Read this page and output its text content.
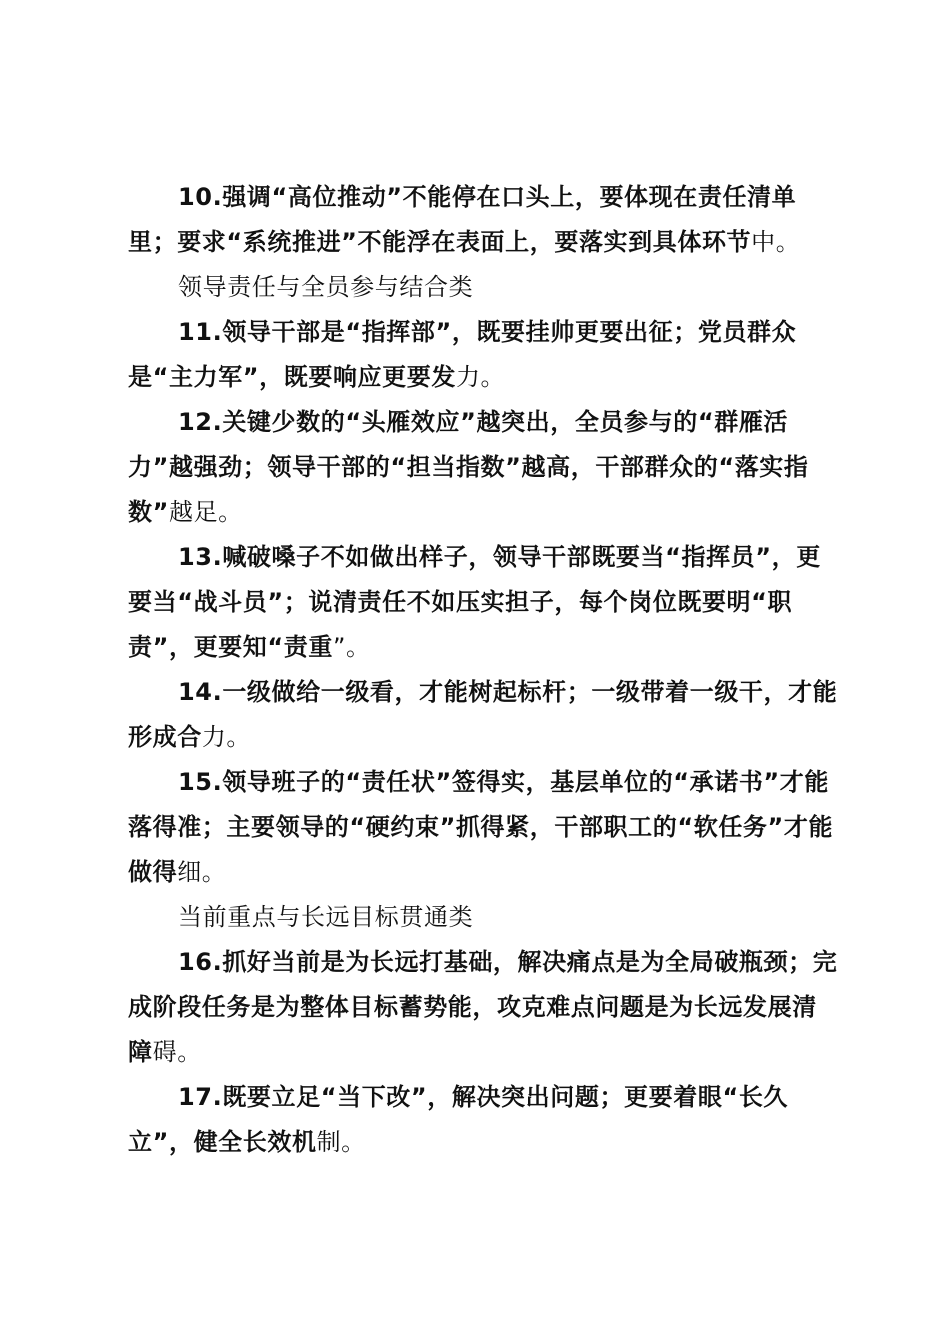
10.强调“高位推动”不能停在口头上，要体现在责任清单里；要求“系统推进”不能浮在表面上，要落实到具体环节中。

领导责任与全员参与结合类

11.领导干部是“指挥部”，既要挂帅更要出征；党员群众是“主力军”，既要响应更要发力。

12.关键少数的“头雁效应”越突出，全员参与的“群雁活力”越强劲；领导干部的“担当指数”越高，干部群众的“落实指数”越足。

13.喊破嗓子不如做出样子，领导干部既要当“指挥员”，更要当“战斗员”；说清责任不如压实担子，每个岗位既要明“职责”，更要知“责重”。

14.一级做给一级看，才能树起标杆；一级带着一级干，才能形成合力。

15.领导班子的“责任状”签得实，基层单位的“承诺书”才能落得准；主要领导的“硬约束”抓得紧，干部职工的“软任务”才能做得细。

当前重点与长远目标贯通类

16.抓好当前是为长远打基础，解决痛点是为全局破瓶颈；完成阶段任务是为整体目标蓄势能，攻克难点问题是为长远发展清障碍。

17.既要立足“当下改”，解决突出问题；更要着眼“长久立”，健全长效机制。
